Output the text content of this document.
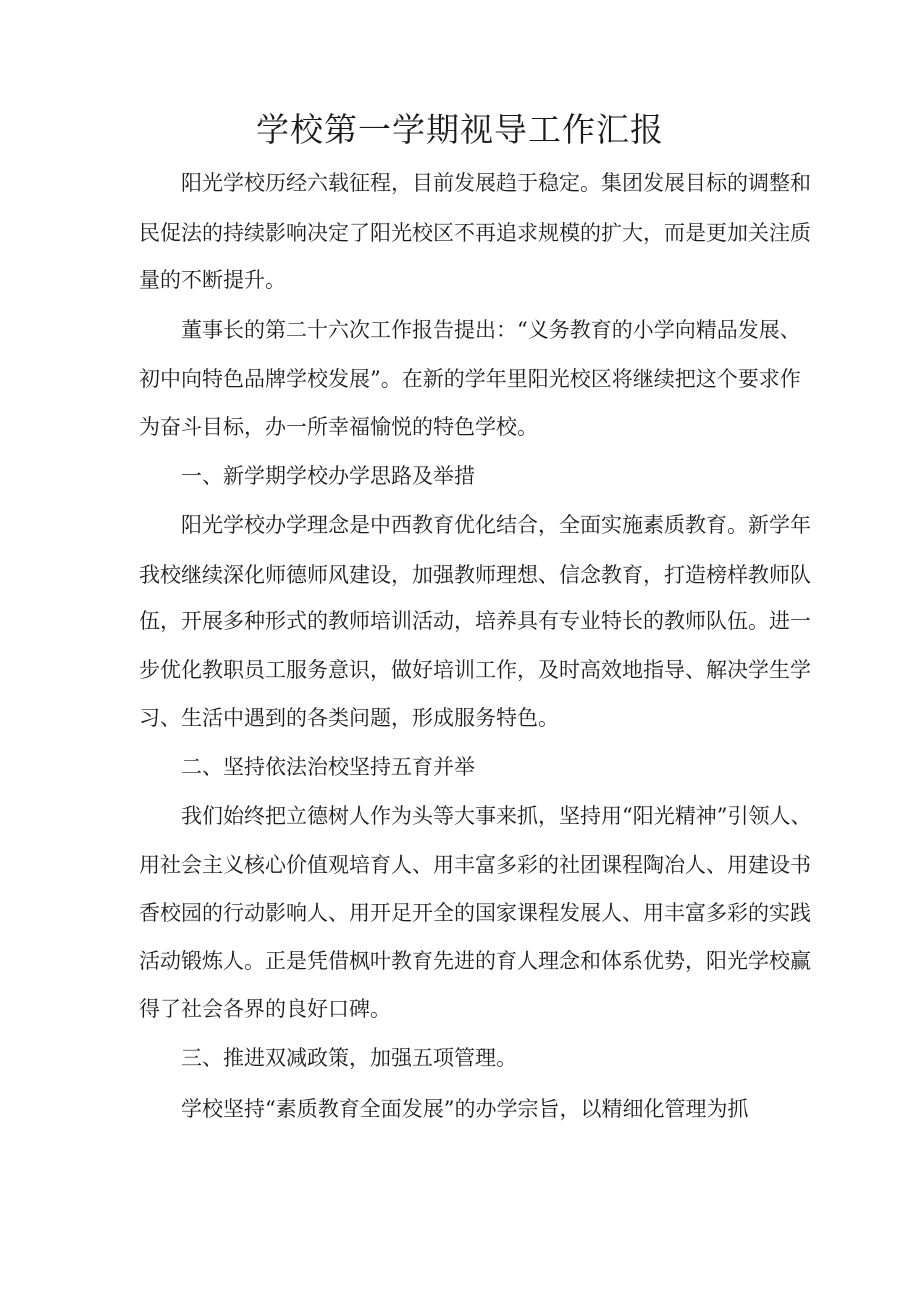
学校第一学期视导工作汇报

阳光学校历经六载征程，目前发展趋于稳定。集团发展目标的调整和

民促法的持续影响决定了阳光校区不再追求规模的扩大，而是更加关注质

量的不断提升。

董事长的第二十六次工作报告提出：“义务教育的小学向精品发展、

初中向特色品牌学校发展”。在新的学年里阳光校区将继续把这个要求作

为奋斗目标，办一所幸福愉悦的特色学校。

一、新学期学校办学思路及举措

阳光学校办学理念是中西教育优化结合，全面实施素质教育。新学年

我校继续深化师德师风建设，加强教师理想、信念教育，打造榜样教师队

伍，开展多种形式的教师培训活动，培养具有专业特长的教师队伍。进一

步优化教职员工服务意识，做好培训工作，及时高效地指导、解决学生学

习、生活中遇到的各类问题，形成服务特色。

二、坚持依法治校坚持五育并举

我们始终把立德树人作为头等大事来抓，坚持用“阳光精神”引领人、

用社会主义核心价值观培育人、用丰富多彩的社团课程陶冶人、用建设书

香校园的行动影响人、用开足开全的国家课程发展人、用丰富多彩的实践

活动锻炼人。正是凭借枫叶教育先进的育人理念和体系优势，阳光学校赢

得了社会各界的良好口碑。

三、推进双减政策，加强五项管理。

学校坚持“素质教育全面发展”的办学宗旨，以精细化管理为抓
